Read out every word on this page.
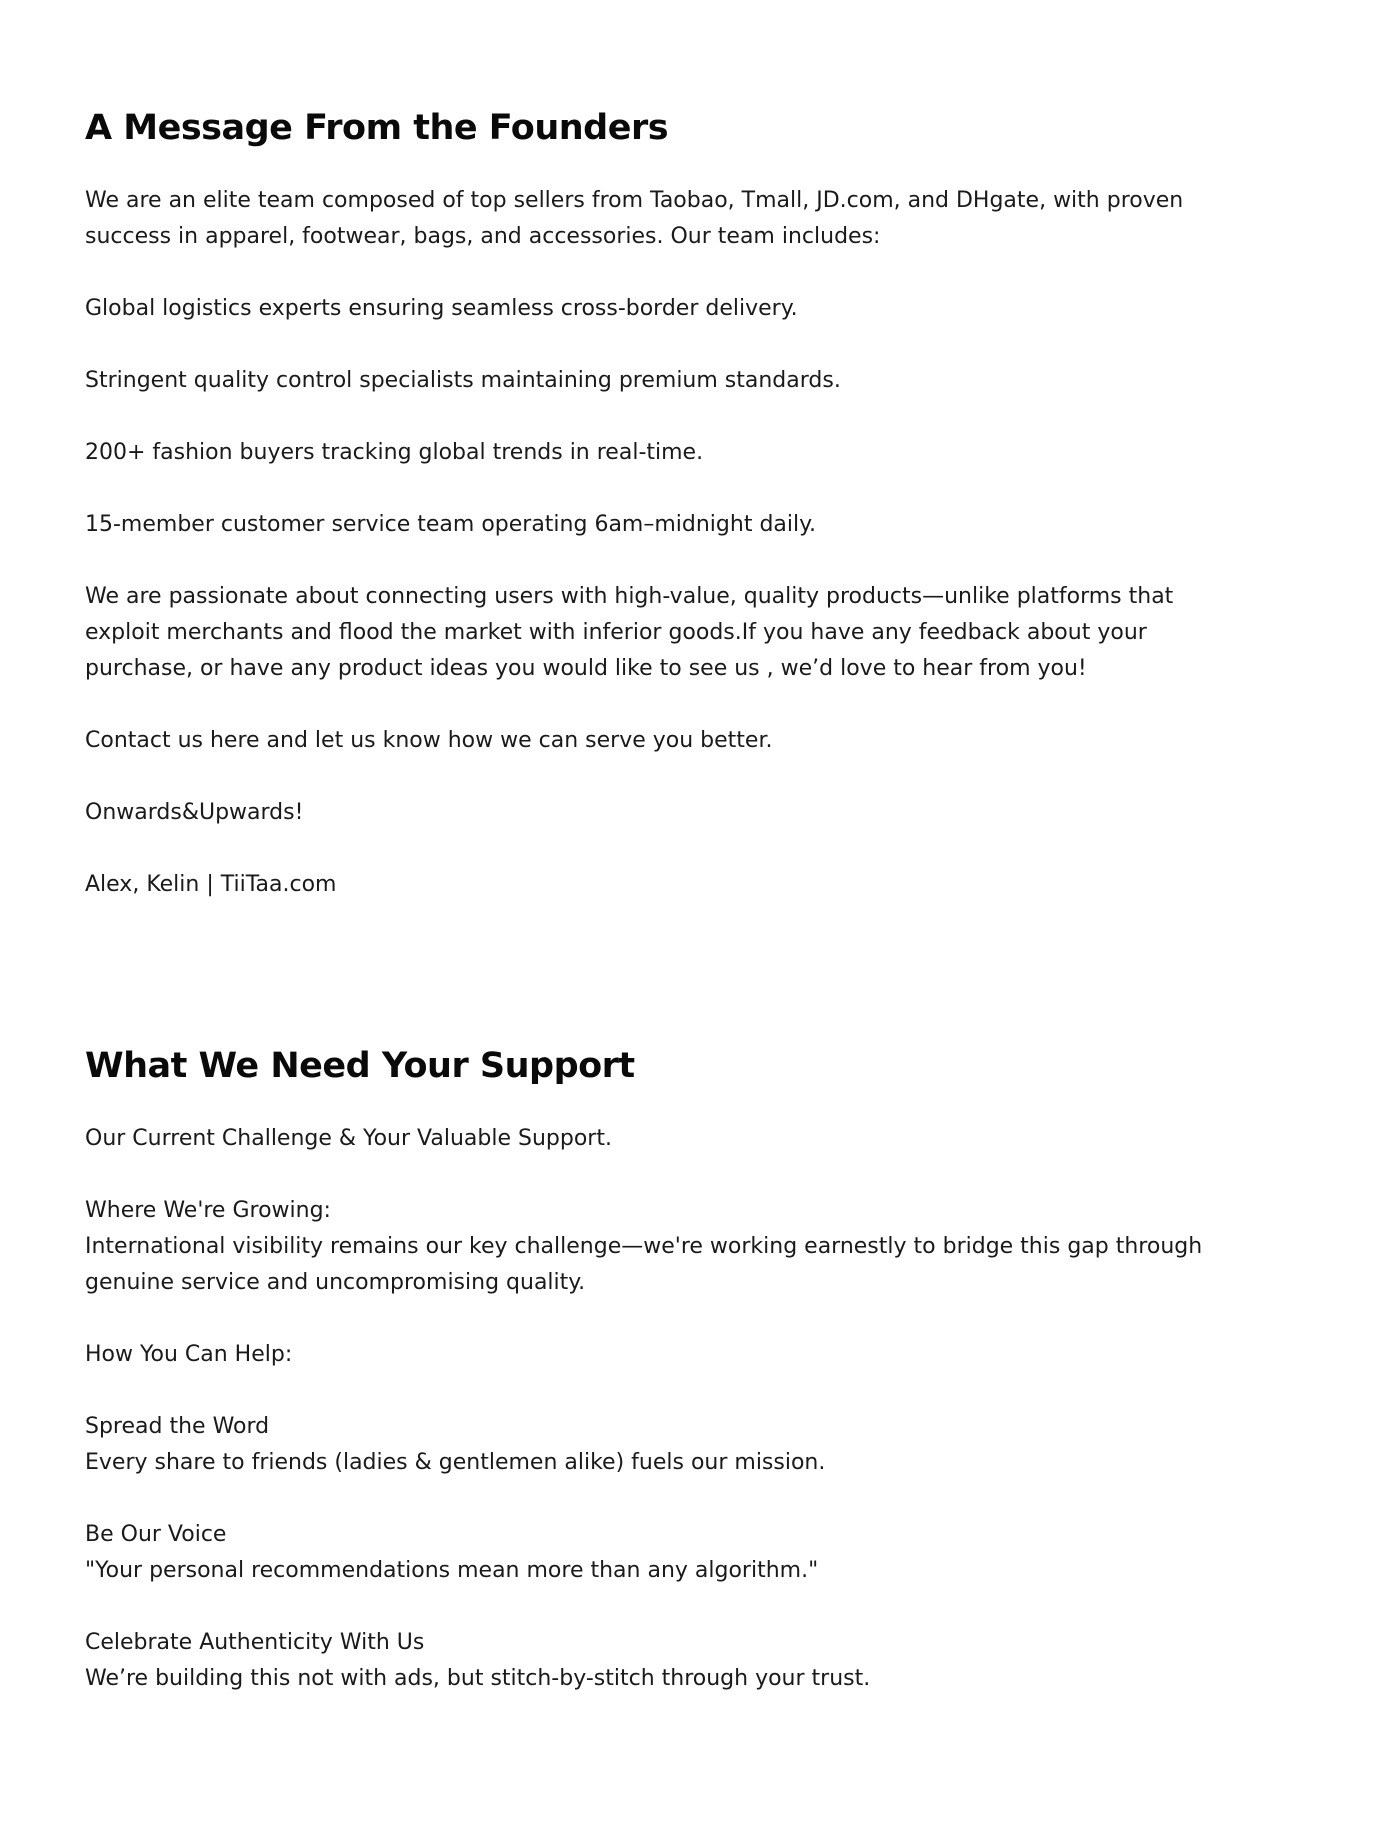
A Message From the Founders

We are an elite team composed of top sellers from Taobao, Tmall, JD.com, and DHgate, with proven success in apparel, footwear, bags, and accessories. Our team includes:

Global logistics experts ensuring seamless cross-border delivery.

Stringent quality control specialists maintaining premium standards.

200+ fashion buyers tracking global trends in real-time.

15-member customer service team operating 6am–midnight daily.

We are passionate about connecting users with high-value, quality products—unlike platforms that exploit merchants and flood the market with inferior goods.If you have any feedback about your purchase, or have any product ideas you would like to see us , we’d love to hear from you!

Contact us here and let us know how we can serve you better.

Onwards&Upwards!

Alex, Kelin | TiiTaa.com

What We Need Your Support

Our Current Challenge & Your Valuable Support.

Where We're Growing:
International visibility remains our key challenge—we're working earnestly to bridge this gap through genuine service and uncompromising quality.

How You Can Help:

Spread the Word
Every share to friends (ladies & gentlemen alike) fuels our mission.

Be Our Voice
"Your personal recommendations mean more than any algorithm."

Celebrate Authenticity With Us
We’re building this not with ads, but stitch-by-stitch through your trust.
